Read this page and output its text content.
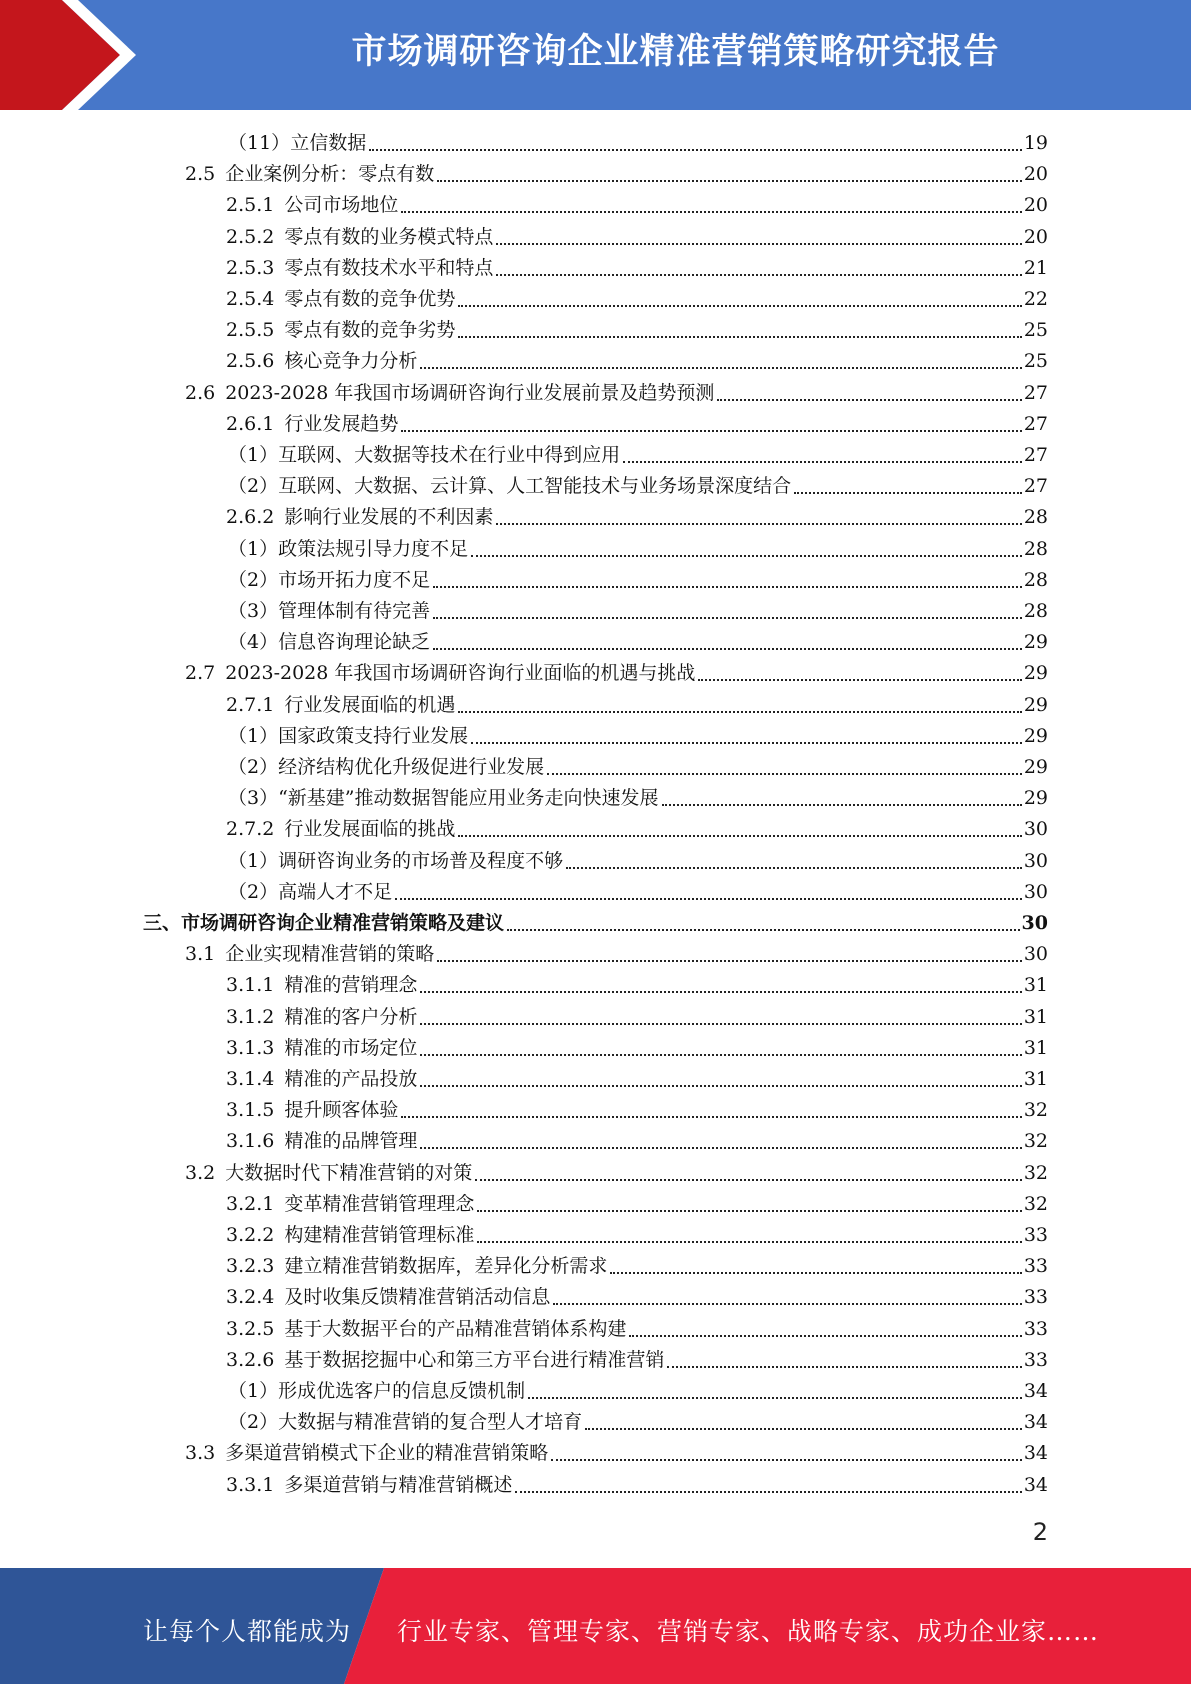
市场调研咨询企业精准营销策略研究报告
（11）立信数据	19
2.5 企业案例分析：零点有数	20
2.5.1 公司市场地位	20
2.5.2 零点有数的业务模式特点	20
2.5.3 零点有数技术水平和特点	21
2.5.4 零点有数的竞争优势	22
2.5.5 零点有数的竞争劣势	25
2.5.6 核心竞争力分析	25
2.6 2023-2028 年我国市场调研咨询行业发展前景及趋势预测	27
2.6.1 行业发展趋势	27
（1）互联网、大数据等技术在行业中得到应用	27
（2）互联网、大数据、云计算、人工智能技术与业务场景深度结合	27
2.6.2 影响行业发展的不利因素	28
（1）政策法规引导力度不足	28
（2）市场开拓力度不足	28
（3）管理体制有待完善	28
（4）信息咨询理论缺乏	29
2.7 2023-2028 年我国市场调研咨询行业面临的机遇与挑战	29
2.7.1 行业发展面临的机遇	29
（1）国家政策支持行业发展	29
（2）经济结构优化升级促进行业发展	29
（3）“新基建”推动数据智能应用业务走向快速发展	29
2.7.2 行业发展面临的挑战	30
（1）调研咨询业务的市场普及程度不够	30
（2）高端人才不足	30
三、市场调研咨询企业精准营销策略及建议	30
3.1 企业实现精准营销的策略	30
3.1.1 精准的营销理念	31
3.1.2 精准的客户分析	31
3.1.3 精准的市场定位	31
3.1.4 精准的产品投放	31
3.1.5 提升顾客体验	32
3.1.6 精准的品牌管理	32
3.2 大数据时代下精准营销的对策	32
3.2.1 变革精准营销管理理念	32
3.2.2 构建精准营销管理标准	33
3.2.3 建立精准营销数据库，差异化分析需求	33
3.2.4 及时收集反馈精准营销活动信息	33
3.2.5 基于大数据平台的产品精准营销体系构建	33
3.2.6 基于数据挖掘中心和第三方平台进行精准营销	33
（1）形成优选客户的信息反馈机制	34
（2）大数据与精准营销的复合型人才培育	34
3.3 多渠道营销模式下企业的精准营销策略	34
3.3.1 多渠道营销与精准营销概述	34
2
让每个人都能成为 行业专家、管理专家、营销专家、战略专家、成功企业家……
